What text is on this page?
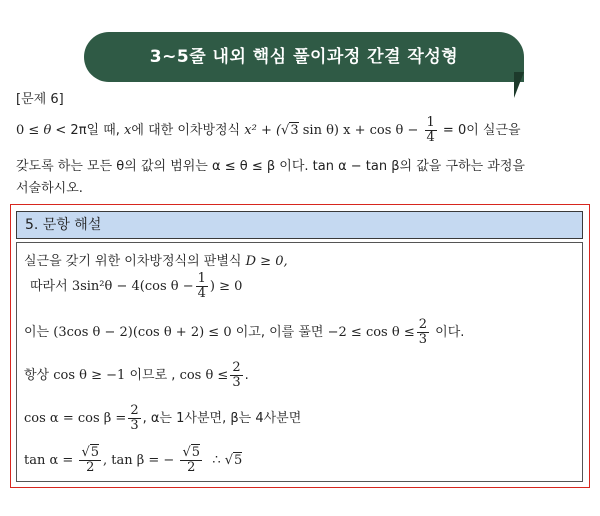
3~5줄 내외 핵심 풀이과정 간결 작성형
[문제 6]
0 ≤ θ < 2π일 때, x에 대한 이차방정식 x² + (√3 sin θ) $x + \cos \theta - \frac{1}{4} = 0$이 실근을
갖도록 하는 모든 θ의 값의 범위는 α ≤ θ ≤ β 이다. tan α − tan β의 값을 구하는 과정을
서술하시오.
5. 문항 해설
실근을 갖기 위한 이차방정식의 판별식 D ≥ 0,
따라서 3sin²θ − 4(cos $\theta - \frac{1}{4}$ ) ≥ 0
이는 (3cos θ − 2)(cos θ + 2) ≤ 0 이고, 이를 풀면 $-2 \le \cos \theta \le \frac{2}{3}$ 이다.
항상 cos θ ≥ −1 이므로 , $\cos \theta \le \frac{2}{3}$ .
$\cos \alpha = \cos \beta = \frac{2}{3}$ , α는 1사분면, β는 4사분면
$\tan \alpha = \frac{√5}{2}$ , tan β = − $\frac{√5}{2}$ ∴ √5
